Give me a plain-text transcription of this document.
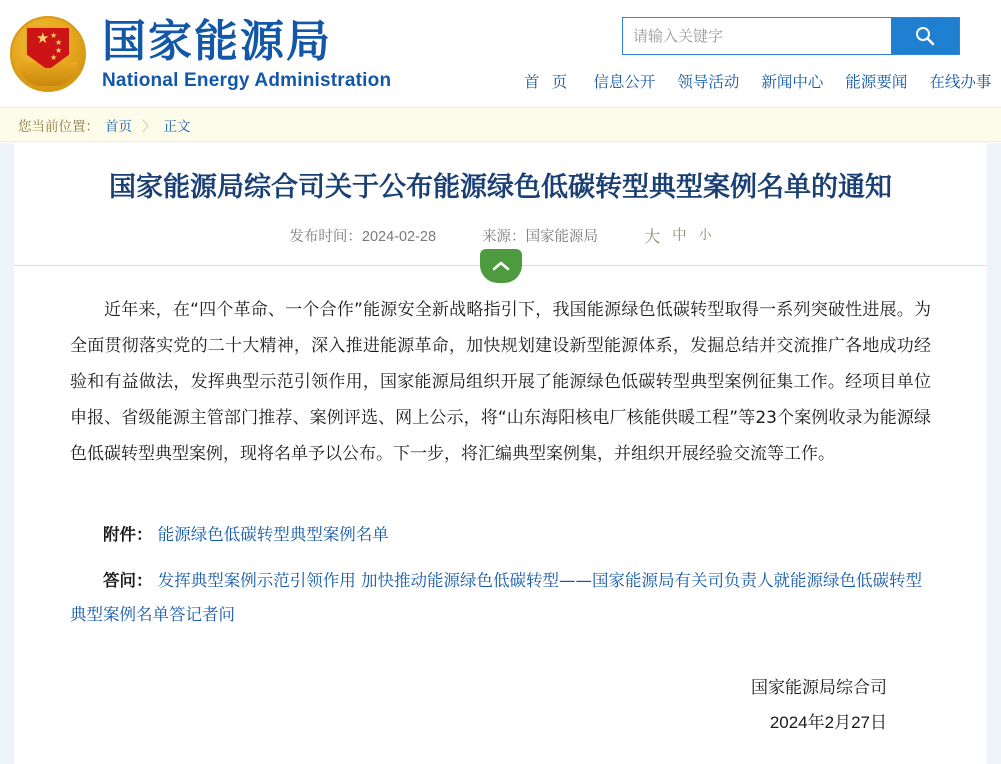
★ ★
★
★
★ 国家能源局
National Energy Administration
请输入关键字	首 页 信息公开 领导活动 新闻中心 能源要闻 在线办事
您当前位置： 首页 〉 正文
国家能源局综合司关于公布能源绿色低碳转型典型案例名单的通知
发布时间：2024-02-28	来源：国家能源局	大 中 小

近年来，在“四个革命、一个合作”能源安全新战略指引下，我国能源绿色低碳转型取得一系列突破性进展。为全面贯彻落实党的二十大精神，深入推进能源革命，加快规划建设新型能源体系，发掘总结并交流推广各地成功经验和有益做法，发挥典型示范引领作用，国家能源局组织开展了能源绿色低碳转型典型案例征集工作。经项目单位申报、省级能源主管部门推荐、案例评选、网上公示，将“山东海阳核电厂核能供暖工程”等23个案例收录为能源绿色低碳转型典型案例，现将名单予以公布。下一步，将汇编典型案例集，并组织开展经验交流等工作。

附件： 能源绿色低碳转型典型案例名单
答问： 发挥典型案例示范引领作用 加快推动能源绿色低碳转型——国家能源局有关司负责人就能源绿色低碳转型典型案例名单答记者问
国家能源局综合司
2024年2月27日
